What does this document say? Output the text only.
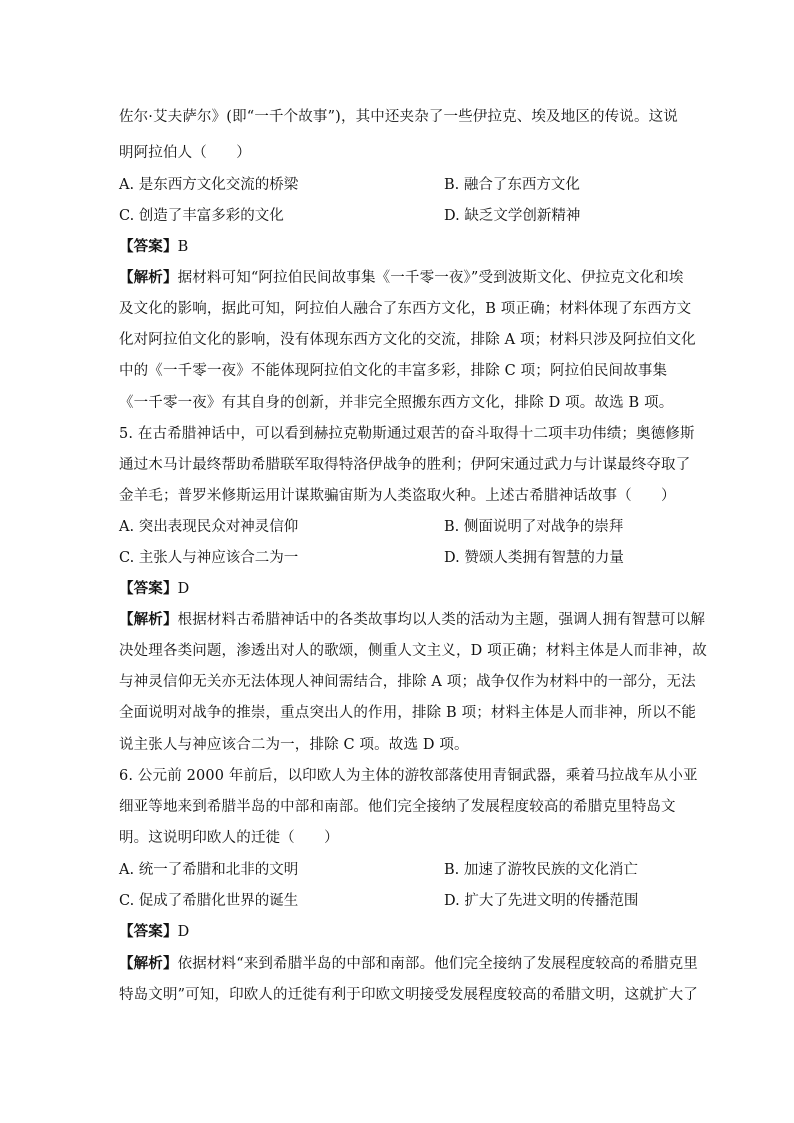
佐尔·艾夫萨尔》(即“一千个故事”)，其中还夹杂了一些伊拉克、埃及地区的传说。这说
明阿拉伯人（　　）
A. 是东西方文化交流的桥梁	B. 融合了东西方文化
C. 创造了丰富多彩的文化	D. 缺乏文学创新精神
【答案】B
【解析】据材料可知“阿拉伯民间故事集《一千零一夜》”受到波斯文化、伊拉克文化和埃
及文化的影响，据此可知，阿拉伯人融合了东西方文化，B 项正确；材料体现了东西方文
化对阿拉伯文化的影响，没有体现东西方文化的交流，排除 A 项；材料只涉及阿拉伯文化
中的《一千零一夜》不能体现阿拉伯文化的丰富多彩，排除 C 项；阿拉伯民间故事集
《一千零一夜》有其自身的创新，并非完全照搬东西方文化，排除 D 项。故选 B 项。
5. 在古希腊神话中，可以看到赫拉克勒斯通过艰苦的奋斗取得十二项丰功伟绩；奥德修斯
通过木马计最终帮助希腊联军取得特洛伊战争的胜利；伊阿宋通过武力与计谋最终夺取了
金羊毛；普罗米修斯运用计谋欺骗宙斯为人类盗取火种。上述古希腊神话故事（　　）
A. 突出表现民众对神灵信仰	B. 侧面说明了对战争的崇拜
C. 主张人与神应该合二为一	D. 赞颂人类拥有智慧的力量
【答案】D
【解析】根据材料古希腊神话中的各类故事均以人类的活动为主题，强调人拥有智慧可以解
决处理各类问题，渗透出对人的歌颂，侧重人文主义，D 项正确；材料主体是人而非神，故
与神灵信仰无关亦无法体现人神间需结合，排除 A 项；战争仅作为材料中的一部分，无法
全面说明对战争的推崇，重点突出人的作用，排除 B 项；材料主体是人而非神，所以不能
说主张人与神应该合二为一，排除 C 项。故选 D 项。
6. 公元前 2000 年前后，以印欧人为主体的游牧部落使用青铜武器，乘着马拉战车从小亚
细亚等地来到希腊半岛的中部和南部。他们完全接纳了发展程度较高的希腊克里特岛文
明。这说明印欧人的迁徙（　　）
A. 统一了希腊和北非的文明	B. 加速了游牧民族的文化消亡
C. 促成了希腊化世界的诞生	D. 扩大了先进文明的传播范围
【答案】D
【解析】依据材料“来到希腊半岛的中部和南部。他们完全接纳了发展程度较高的希腊克里
特岛文明”可知，印欧人的迁徙有利于印欧文明接受发展程度较高的希腊文明，这就扩大了
